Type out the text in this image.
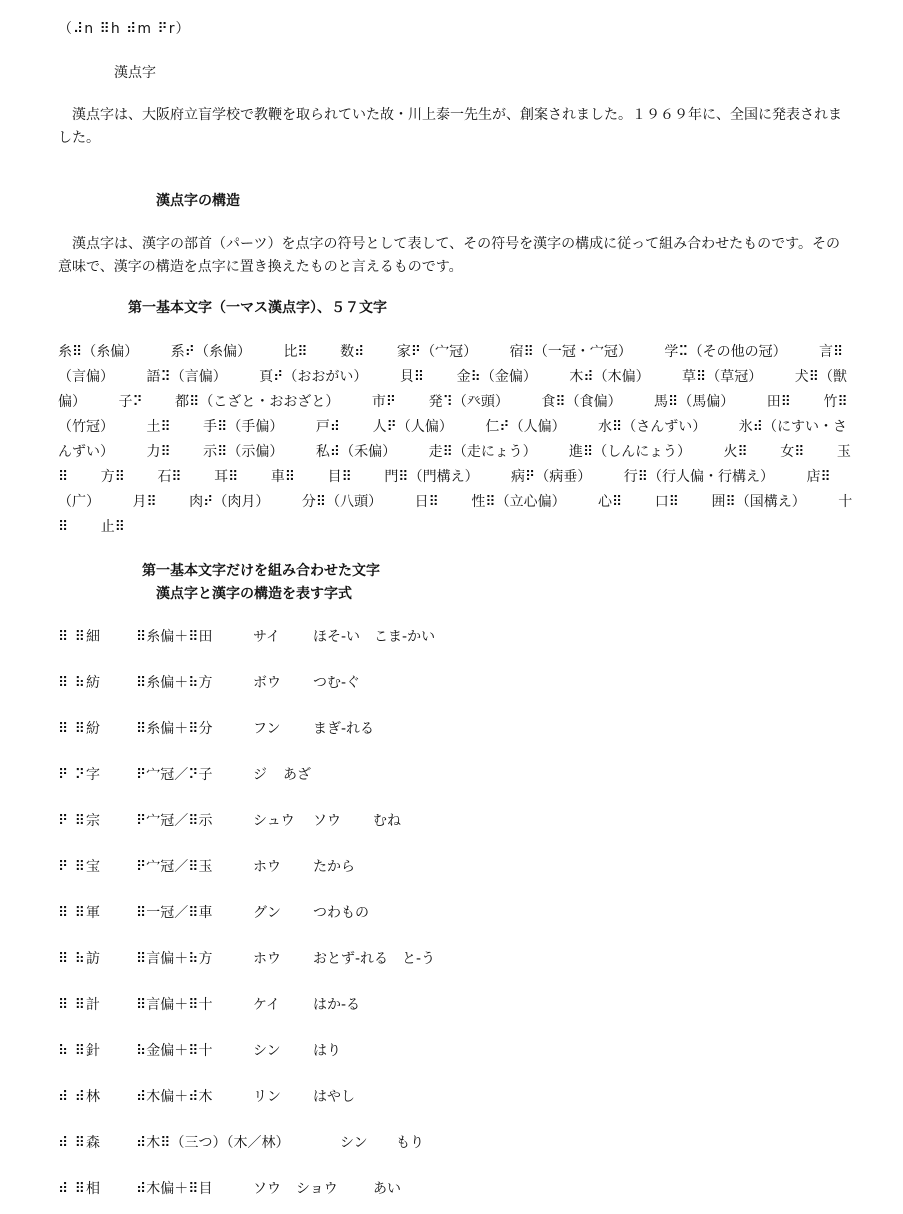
（⠼n ⠿h ⠾m ⠟r）
漢点字
漢点字は、大阪府立盲学校で教鞭を取られていた故・川上泰一先生が、創案されました。１９６９年に、全国に発表されました。
漢点字の構造
漢点字は、漢字の部首（パーツ）を点字の符号として表して、その符号を漢字の構成に従って組み合わせたものです。その意味で、漢字の構造を点字に置き換えたものと言えるものです。
第一基本文字（一マス漢点字）、５７文字
糸⠿（糸偏） 系⠞（糸偏） 比⠿ 数⠾ 家⠟（宀冠） 宿⠿（一冠・宀冠） 学⠭（その他の冠） 言⠿（言偏） 語⠽（言偏） 頁⠞（おおがい） 貝⠿ 金⠷（金偏） 木⠾（木偏） 草⠿（草冠） 犬⠿（獣偏） 子⠝ 都⠿（こざと・おおざと） 市⠟ 発⠹（癶頭） 食⠿（食偏） 馬⠿（馬偏） 田⠿ 竹⠿（竹冠） 土⠿ 手⠿（手偏） 戸⠾ 人⠟（人偏） 仁⠞（人偏） 水⠿（さんずい） 氷⠾（にすい・さんずい） 力⠿ 示⠿（示偏） 私⠾（禾偏） 走⠿（走にょう） 進⠿（しんにょう） 火⠿ 女⠿ 玉⠿ 方⠿ 石⠿ 耳⠿ 車⠿ 目⠿ 門⠿（門構え） 病⠟（病垂） 行⠿（行人偏・行構え） 店⠿（广） 月⠿ 肉⠞（肉月） 分⠿（八頭） 日⠿ 性⠿（立心偏） 心⠿ 口⠿ 囲⠿（国構え） 十⠿ 止⠿
第一基本文字だけを組み合わせた文字
漢点字と漢字の構造を表す字式
⠿ ⠿細	⠿糸偏＋⠿田	サイ ほそ-い　こま-かい
⠿ ⠷紡	⠿糸偏＋⠷方	ボウ つむ-ぐ
⠿ ⠿紛	⠿糸偏＋⠿分	フン まぎ-れる
⠟ ⠝字	⠟宀冠／⠝子	ジ あざ
⠟ ⠿宗	⠟宀冠／⠿示	シュウ ソウ むね
⠟ ⠿宝	⠟宀冠／⠿玉	ホウ たから
⠿ ⠿軍	⠿一冠／⠿車	グン つわもの
⠿ ⠷訪	⠿言偏＋⠷方	ホウ おとず-れる　と-う
⠿ ⠿計	⠿言偏＋⠿十	ケイ はか-る
⠷ ⠿針	⠷金偏＋⠿十	シン はり
⠾ ⠾林	⠾木偏＋⠾木	リン はやし
⠾ ⠿森	⠾木⠿（三つ）（木／林）	シン もり
⠾ ⠿相	⠾木偏＋⠿目	ソウ ショウ	あい
